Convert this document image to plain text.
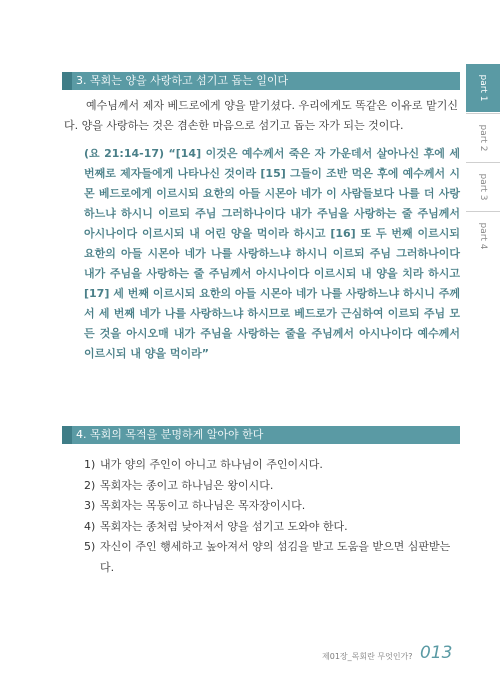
3. 목회는 양을 사랑하고 섬기고 돕는 일이다

예수님께서 제자 베드로에게 양을 맡기셨다. 우리에게도 똑같은 이유로 맡기신다. 양을 사랑하는 것은 겸손한 마음으로 섬기고 돕는 자가 되는 것이다.

(요 21:14-17) “[14] 이것은 예수께서 죽은 자 가운데서 살아나신 후에 세 번째로 제자들에게 나타나신 것이라 [15] 그들이 조반 먹은 후에 예수께서 시몬 베드로에게 이르시되 요한의 아들 시몬아 네가 이 사람들보다 나를 더 사랑하느냐 하시니 이르되 주님 그러하나이다 내가 주님을 사랑하는 줄 주님께서 아시나이다 이르시되 내 어린 양을 먹이라 하시고 [16] 또 두 번째 이르시되 요한의 아들 시몬아 네가 나를 사랑하느냐 하시니 이르되 주님 그러하나이다 내가 주님을 사랑하는 줄 주님께서 아시나이다 이르시되 내 양을 치라 하시고 [17] 세 번째 이르시되 요한의 아들 시몬아 네가 나를 사랑하느냐 하시니 주께서 세 번째 네가 나를 사랑하느냐 하시므로 베드로가 근심하여 이르되 주님 모든 것을 아시오매 내가 주님을 사랑하는 줄을 주님께서 아시나이다 예수께서 이르시되 내 양을 먹이라”
4. 목회의 목적을 분명하게 알아야 한다
1) 내가 양의 주인이 아니고 하나님이 주인이시다.
2) 목회자는 종이고 하나님은 왕이시다.
3) 목회자는 목동이고 하나님은 목자장이시다.
4) 목회자는 종처럼 낮아져서 양을 섬기고 도와야 한다.
5) 자신이 주인 행세하고 높아져서 양의 섬김을 받고 도움을 받으면 심판받는다.
part 1
part 2
part 3
part 4
제01장_목회란 무엇인가? 013
